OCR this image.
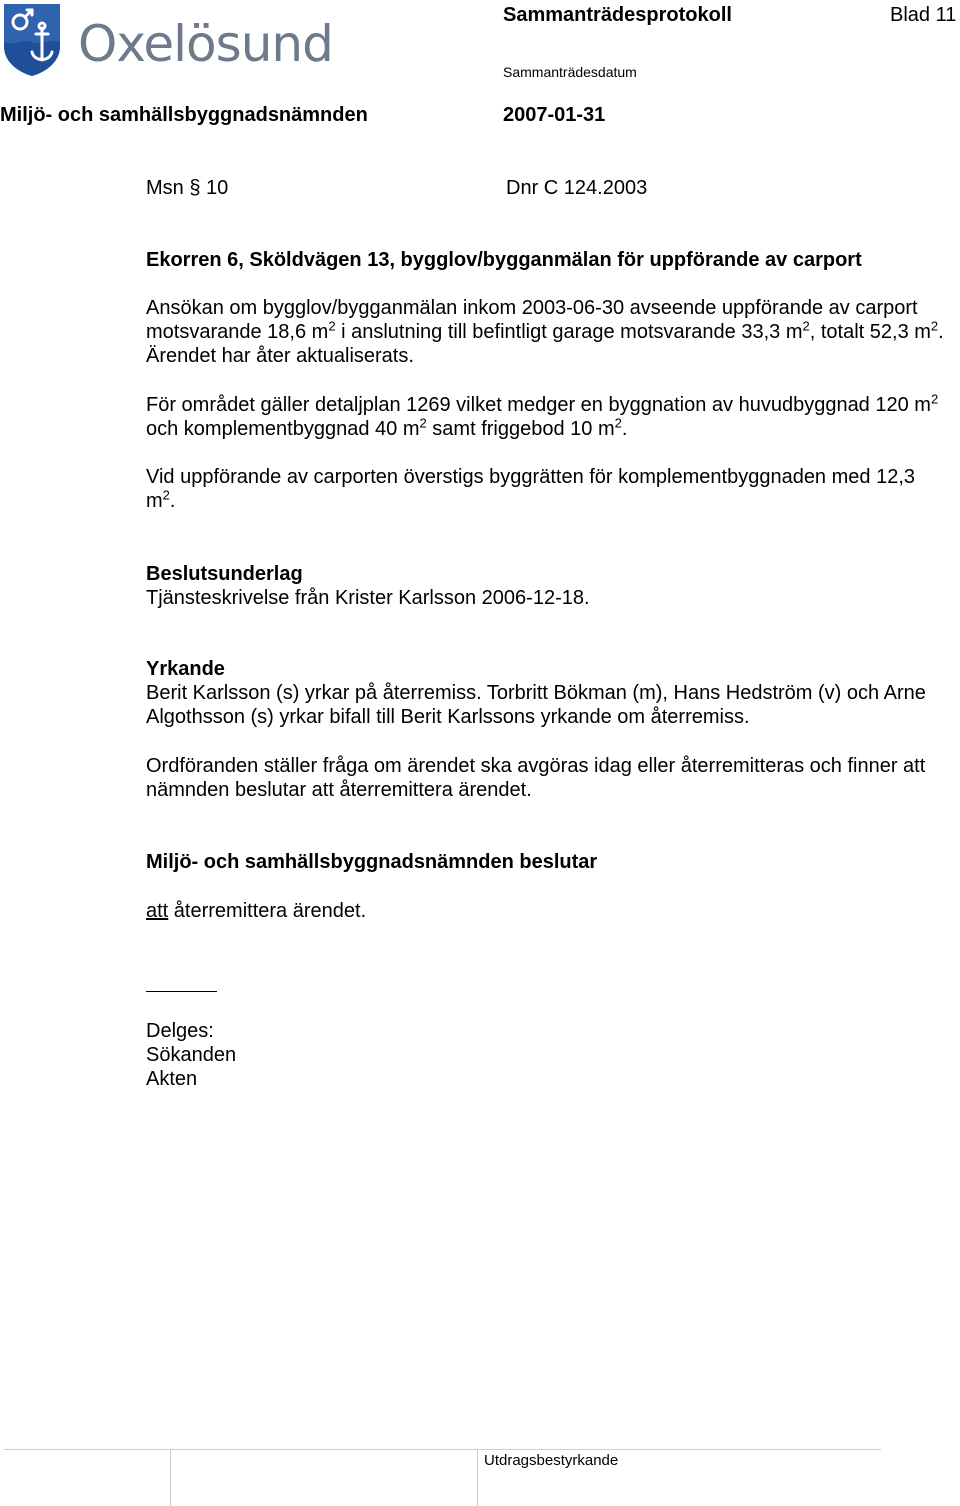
Oxelösund	Sammanträdesprotokoll	Blad 11
Sammanträdesdatum
Miljö- och samhällsbyggnadsnämnden	2007-01-31
Msn § 10	Dnr C 124.2003
Ekorren 6, Sköldvägen 13, bygglov/bygganmälan för uppförande av carport
Ansökan om bygglov/bygganmälan inkom 2003-06-30 avseende uppförande av carport motsvarande 18,6 $m^2$ i anslutning till befintligt garage motsvarande 33,3 $m^2$, totalt 52,3 $m^2$. Ärendet har åter aktualiserats.
För området gäller detaljplan 1269 vilket medger en byggnation av huvudbyggnad 120 $m^2$ och komplementbyggnad 40 $m^2$ samt friggebod 10 $m^2$.
Vid uppförande av carporten överstigs byggrätten för komplementbyggnaden med 12,3 $m^2$.
Beslutsunderlag
Tjänsteskrivelse från Krister Karlsson 2006-12-18.
Yrkande
Berit Karlsson (s) yrkar på återremiss. Torbritt Bökman (m), Hans Hedström (v) och Arne Algothsson (s) yrkar bifall till Berit Karlssons yrkande om återremiss.
Ordföranden ställer fråga om ärendet ska avgöras idag eller återremitteras och finner att nämnden beslutar att återremittera ärendet.
Miljö- och samhällsbyggnadsnämnden beslutar
att återremittera ärendet.
Delges:
Sökanden
Akten
Utdragsbestyrkande
